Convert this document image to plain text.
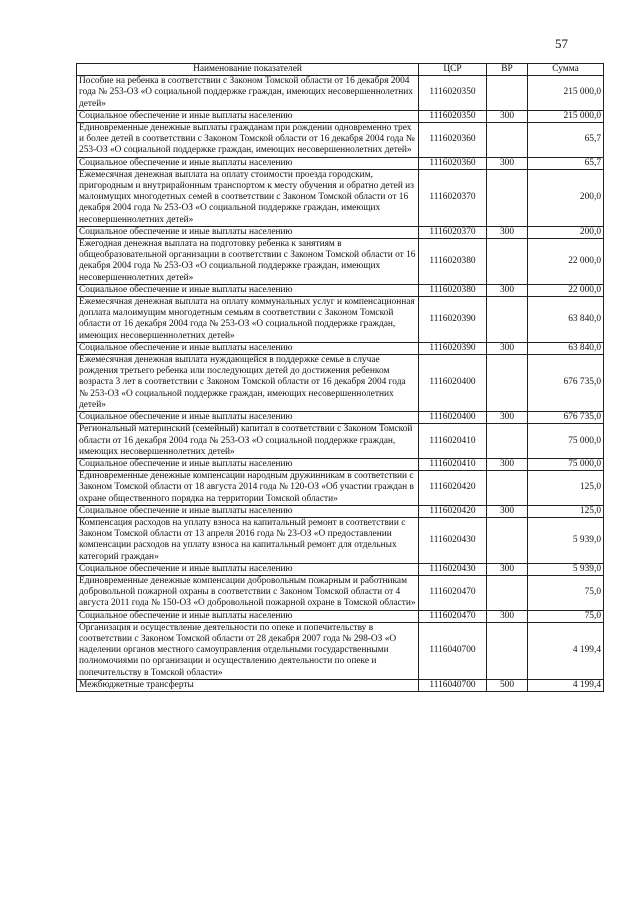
57
Наименование показателей	ЦСР	ВР	Сумма
Пособие на ребенка в соответствии с Законом Томской области от 16 декабря 2004 года № 253-ОЗ «О социальной поддержке граждан, имеющих несовершеннолетних детей»	1116020350		215 000,0
Социальное обеспечение и иные выплаты населению	1116020350	300	215 000,0
Единовременные денежные выплаты гражданам при рождении одновременно трех и более детей в соответствии с Законом Томской области от 16 декабря 2004 года № 253-ОЗ «О социальной поддержке граждан, имеющих несовершеннолетних детей»	1116020360		65,7
Социальное обеспечение и иные выплаты населению	1116020360	300	65,7
Ежемесячная денежная выплата на оплату стоимости проезда городским, пригородным и внутрирайонным транспортом к месту обучения и обратно детей из малоимущих многодетных семей в соответствии с Законом Томской области от 16 декабря 2004 года № 253-ОЗ «О социальной поддержке граждан, имеющих несовершеннолетних детей»	1116020370		200,0
Социальное обеспечение и иные выплаты населению	1116020370	300	200,0
Ежегодная денежная выплата на подготовку ребенка к занятиям в общеобразовательной организации в соответствии с Законом Томской области от 16 декабря 2004 года № 253-ОЗ «О социальной поддержке граждан, имеющих несовершеннолетних детей»	1116020380		22 000,0
Социальное обеспечение и иные выплаты населению	1116020380	300	22 000,0
Ежемесячная денежная выплата на оплату коммунальных услуг и компенсационная доплата малоимущим многодетным семьям в соответствии с Законом Томской области от 16 декабря 2004 года № 253-ОЗ «О социальной поддержке граждан, имеющих несовершеннолетних детей»	1116020390		63 840,0
Социальное обеспечение и иные выплаты населению	1116020390	300	63 840,0
Ежемесячная денежная выплата нуждающейся в поддержке семье в случае рождения третьего ребенка или последующих детей до достижения ребенком возраста 3 лет в соответствии с Законом Томской области от 16 декабря 2004 года № 253-ОЗ «О социальной поддержке граждан, имеющих несовершеннолетних детей»	1116020400		676 735,0
Социальное обеспечение и иные выплаты населению	1116020400	300	676 735,0
Региональный материнский (семейный) капитал в соответствии с Законом Томской области от 16 декабря 2004 года № 253-ОЗ «О социальной поддержке граждан, имеющих несовершеннолетних детей»	1116020410		75 000,0
Социальное обеспечение и иные выплаты населению	1116020410	300	75 000,0
Единовременные денежные компенсации народным дружинникам в соответствии с Законом Томской области от 18 августа 2014 года № 120-ОЗ «Об участии граждан в охране общественного порядка на территории Томской области»	1116020420		125,0
Социальное обеспечение и иные выплаты населению	1116020420	300	125,0
Компенсация расходов на уплату взноса на капитальный ремонт в соответствии с Законом Томской области от 13 апреля 2016 года № 23-ОЗ «О предоставлении компенсации расходов на уплату взноса на капитальный ремонт для отдельных категорий граждан»	1116020430		5 939,0
Социальное обеспечение и иные выплаты населению	1116020430	300	5 939,0
Единовременные денежные компенсации добровольным пожарным и работникам добровольной пожарной охраны в соответствии с Законом Томской области от 4 августа 2011 года № 150-ОЗ «О добровольной пожарной охране в Томской области»	1116020470		75,0
Социальное обеспечение и иные выплаты населению	1116020470	300	75,0
Организация и осуществление деятельности по опеке и попечительству в соответствии с Законом Томской области от 28 декабря 2007 года № 298-ОЗ «О наделении органов местного самоуправления отдельными государственными полномочиями по организации и осуществлению деятельности по опеке и попечительству в Томской области»	1116040700		4 199,4
Межбюджетные трансферты	1116040700	500	4 199,4
